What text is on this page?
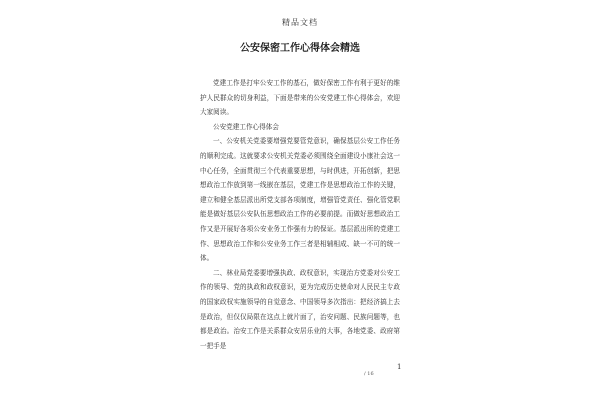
精品文档
公安保密工作心得体会精选

党建工作是打牢公安工作的基石，做好保密工作有利于更好的维护人民群众的切身利益，下面是带来的公安党建工作心得体会，欢迎大家阅读。

公安党建工作心得体会

一、公安机关党委要增强党要管党意识，确保基层公安工作任务的顺利完成。这就要求公安机关党委必须围绕全面建设小康社会这一中心任务，全面贯彻三个代表重要思想，与时俱进，开拓创新，把思想政治工作放到第一线嵌在基层，党建工作是思想政治工作的关键，建立和健全基层派出所党支部各项制度，增强管党责任、强化管党职能是做好基层公安队伍思想政治工作的必要前提。而做好思想政治工作又是开展好各项公安业务工作强有力的保证。基层派出所的党建工作、思想政治工作和公安业务工作三者是相辅相成、缺一不可的统一体。

二、林业局党委要增强执政、政权意识，实现治方党委对公安工作的领导、党的执政和政权意识，更为完成历史使命对人民民主专政的国家政权实施领导的自觉意念、中国领导多次指出：把经济搞上去是政治，但仅仅局限在这点上就片面了，治安问题、民族问题等，也都是政治。治安工作是关系群众安居乐业的大事，各地党委、政府第一把手是

1
/ 16
